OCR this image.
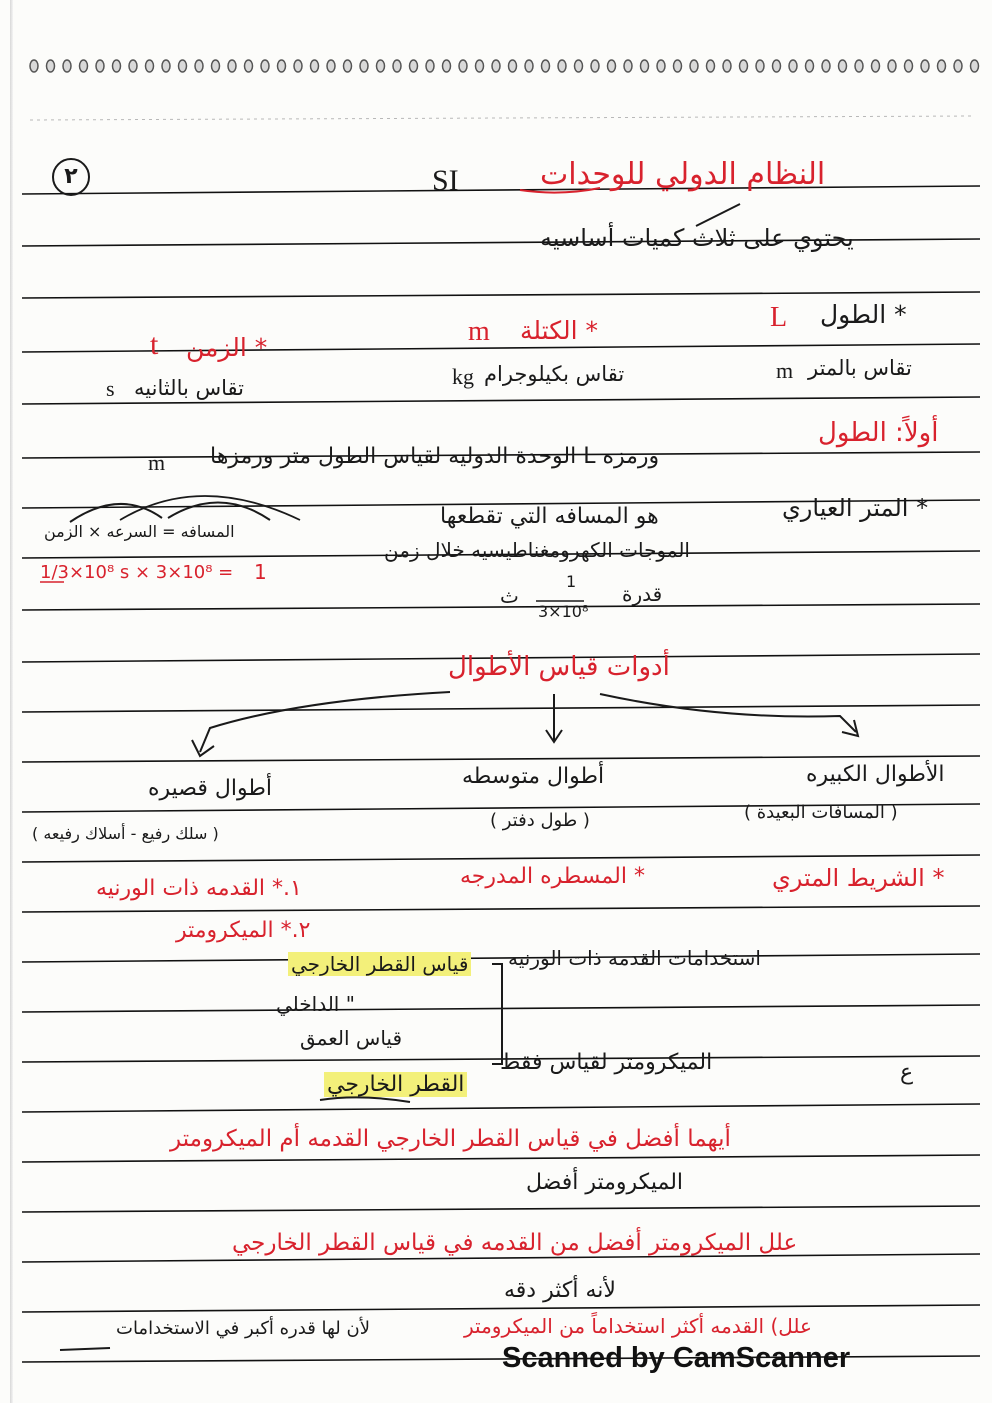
٢	SI	النظام الدولي للوحدات
يحتوي على ثلاث كميات أساسيه
* الطول
L
* الكتلة
m
* الزمن
t
تقاس بالمتر
m
تقاس بكيلوجرام
kg
تقاس بالثانيه
s
أولاً: الطول
ورمزه L الوحدة الدوليه لقياس الطول متر ورمزها
m
* المتر العياري
هو المسافه التي تقطعها
الموجات الكهرومغناطيسيه خلال زمن
قدرة
1
3×10⁸
ث
المسافه = السرعه × الزمن
1/3×10⁸ s × 3×10⁸ = 1
أدوات قياس الأطوال
الأطوال الكبيره
أطوال متوسطه
أطوال قصيره
( المسافات البعيدة )
( طول دفتر )
( سلك رفيع - أسلاك رفيعه )
* الشريط المتري
* المسطره المدرجه
١.* القدمه ذات الورنيه
٢.* الميكرومتر
استخدامات القدمه ذات الورنيه
قياس القطر الخارجي
" الداخلي
قياس العمق
ع
الميكرومتر لقياس فقط
القطر الخارجي
أيهما أفضل في قياس القطر الخارجي القدمه أم الميكرومتر
الميكرومتر أفضل
علل الميكرومتر أفضل من القدمه في قياس القطر الخارجي
لأنه أكثر دقه
علل) القدمه أكثر استخداماً من الميكرومتر
لأن لها قدره أكبر في الاستخدامات
Scanned by CamScanner
